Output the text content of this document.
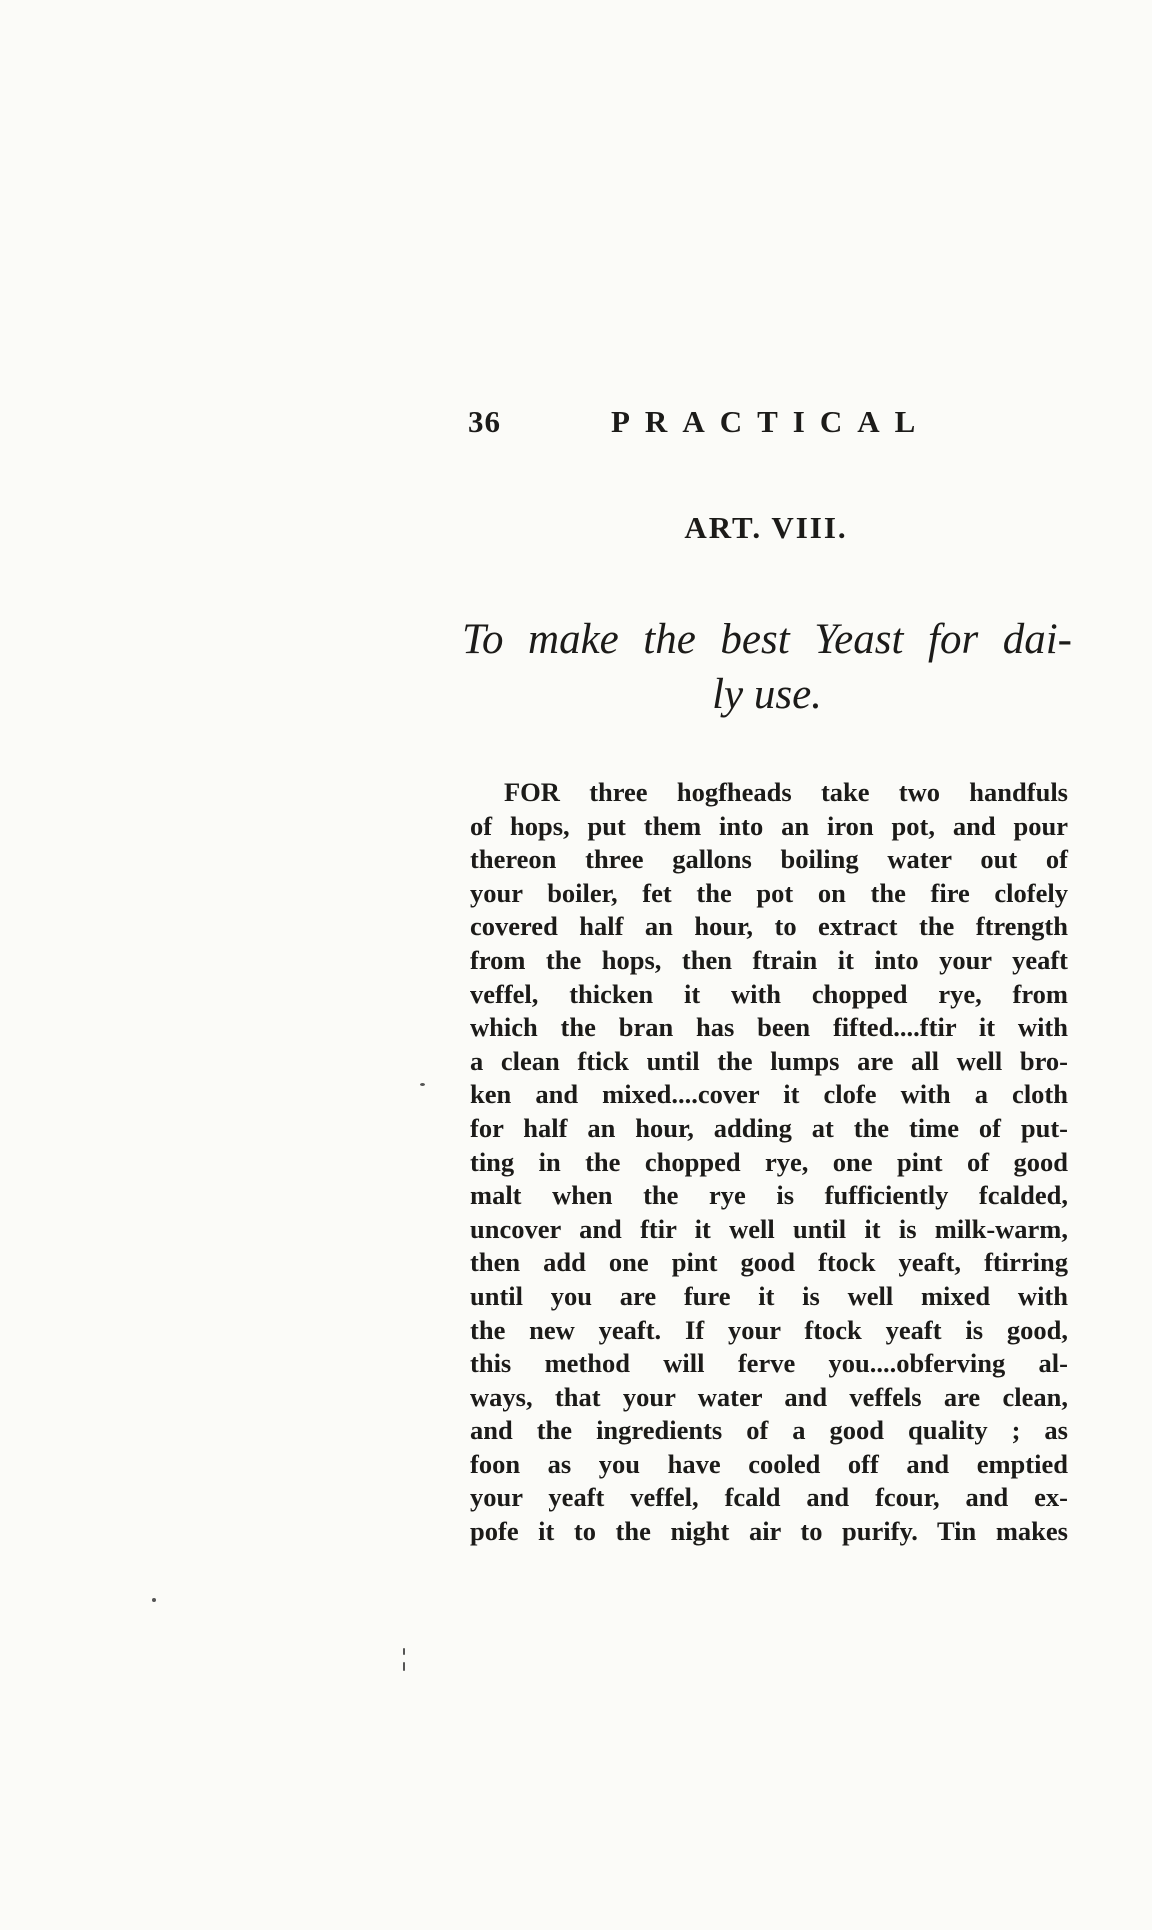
36	PRACTICAL
ART. VIII.
To make the best Yeast for dai-
ly use.
FOR three hogfheads take two handfuls
of hops, put them into an iron pot, and pour
thereon three gallons boiling water out of
your boiler, fet the pot on the fire clofely
covered half an hour, to extract the ftrength
from the hops, then ftrain it into your yeaft
veffel, thicken it with chopped rye, from
which the bran has been fifted....ftir it with
a clean ftick until the lumps are all well bro-
ken and mixed....cover it clofe with a cloth
for half an hour, adding at the time of put-
ting in the chopped rye, one pint of good
malt when the rye is fufficiently fcalded,
uncover and ftir it well until it is milk-warm,
then add one pint good ftock yeaft, ftirring
until you are fure it is well mixed with
the new yeaft. If your ftock yeaft is good,
this method will ferve you....obferving al-
ways, that your water and veffels are clean,
and the ingredients of a good quality ; as
foon as you have cooled off and emptied
your yeaft veffel, fcald and fcour, and ex-
pofe it to the night air to purify. Tin makes
